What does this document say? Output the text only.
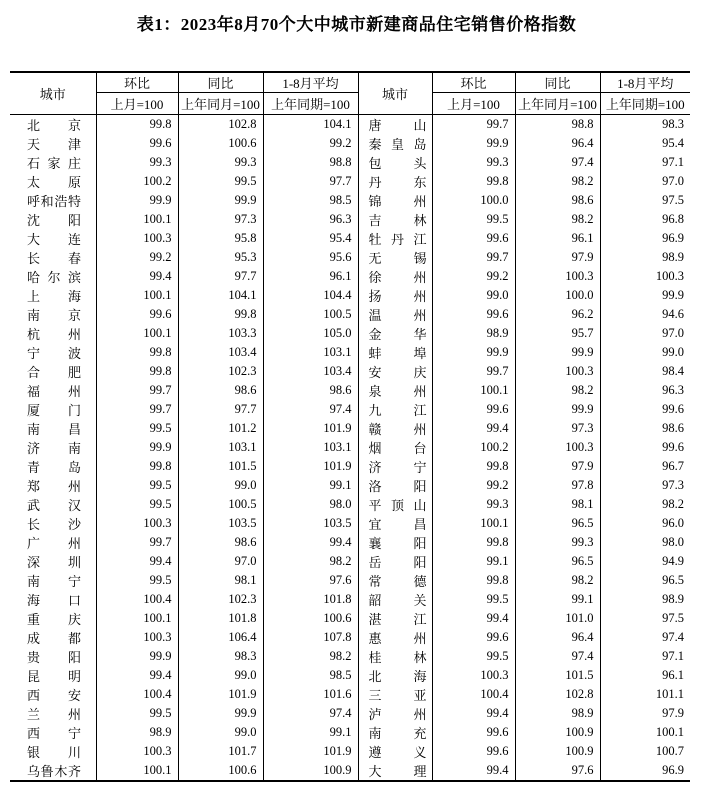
表1：2023年8月70个大中城市新建商品住宅销售价格指数
城市	环比	同比	1-8月平均	城市	环比	同比	1-8月平均
	上月=100	上年同月=100	上年同期=100		上月=100	上年同月=100	上年同期=100
北京	99.8	102.8	104.1	唐山	99.7	98.8	98.3
天津	99.6	100.6	99.2	秦皇岛	99.9	96.4	95.4
石家庄	99.3	99.3	98.8	包头	99.3	97.4	97.1
太原	100.2	99.5	97.7	丹东	99.8	98.2	97.0
呼和浩特	99.9	99.9	98.5	锦州	100.0	98.6	97.5
沈阳	100.1	97.3	96.3	吉林	99.5	98.2	96.8
大连	100.3	95.8	95.4	牡丹江	99.6	96.1	96.9
长春	99.2	95.3	95.6	无锡	99.7	97.9	98.9
哈尔滨	99.4	97.7	96.1	徐州	99.2	100.3	100.3
上海	100.1	104.1	104.4	扬州	99.0	100.0	99.9
南京	99.6	99.8	100.5	温州	99.6	96.2	94.6
杭州	100.1	103.3	105.0	金华	98.9	95.7	97.0
宁波	99.8	103.4	103.1	蚌埠	99.9	99.9	99.0
合肥	99.8	102.3	103.4	安庆	99.7	100.3	98.4
福州	99.7	98.6	98.6	泉州	100.1	98.2	96.3
厦门	99.7	97.7	97.4	九江	99.6	99.9	99.6
南昌	99.5	101.2	101.9	赣州	99.4	97.3	98.6
济南	99.9	103.1	103.1	烟台	100.2	100.3	99.6
青岛	99.8	101.5	101.9	济宁	99.8	97.9	96.7
郑州	99.5	99.0	99.1	洛阳	99.2	97.8	97.3
武汉	99.5	100.5	98.0	平顶山	99.3	98.1	98.2
长沙	100.3	103.5	103.5	宜昌	100.1	96.5	96.0
广州	99.7	98.6	99.4	襄阳	99.8	99.3	98.0
深圳	99.4	97.0	98.2	岳阳	99.1	96.5	94.9
南宁	99.5	98.1	97.6	常德	99.8	98.2	96.5
海口	100.4	102.3	101.8	韶关	99.5	99.1	98.9
重庆	100.1	101.8	100.6	湛江	99.4	101.0	97.5
成都	100.3	106.4	107.8	惠州	99.6	96.4	97.4
贵阳	99.9	98.3	98.2	桂林	99.5	97.4	97.1
昆明	99.4	99.0	98.5	北海	100.3	101.5	96.1
西安	100.4	101.9	101.6	三亚	100.4	102.8	101.1
兰州	99.5	99.9	97.4	泸州	99.4	98.9	97.9
西宁	98.9	99.0	99.1	南充	99.6	100.9	100.1
银川	100.3	101.7	101.9	遵义	99.6	100.9	100.7
乌鲁木齐	100.1	100.6	100.9	大理	99.4	97.6	96.9
